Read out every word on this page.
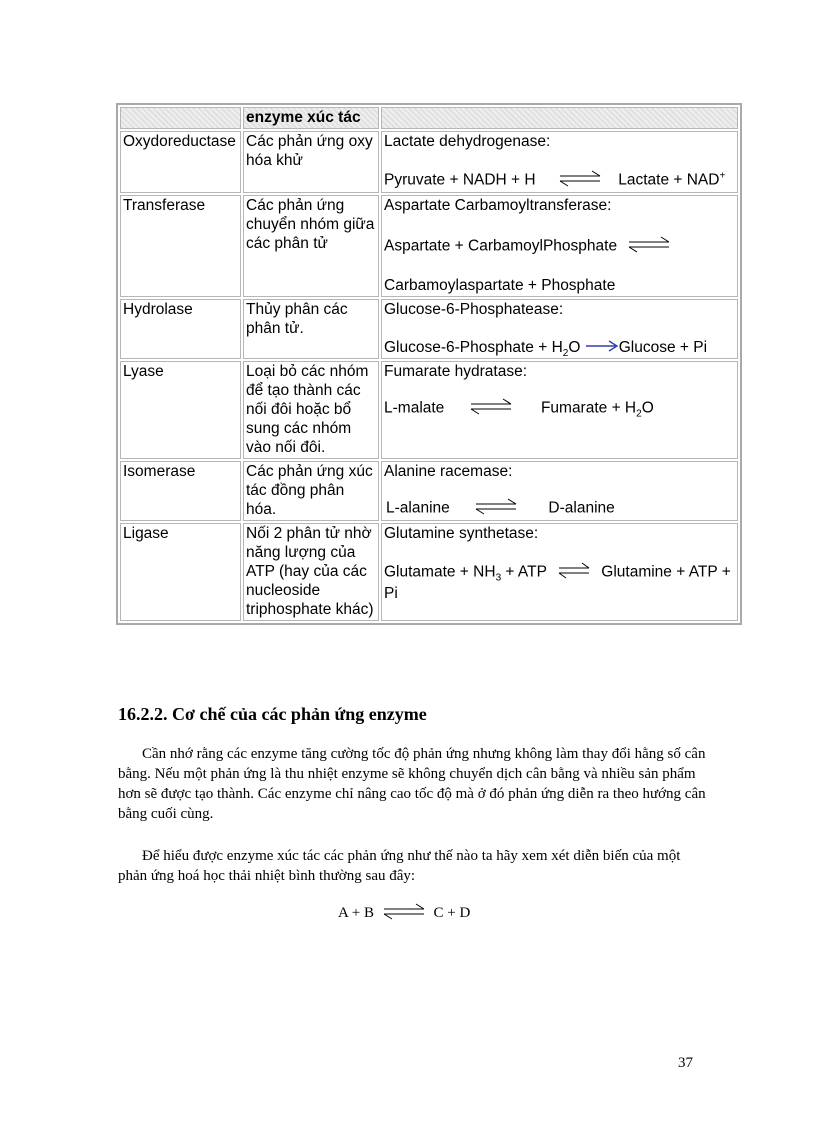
	enzyme xúc tác	
Oxydoreductase	Các phản ứng oxy hóa khử	Lactate dehydrogenase:
Pyruvate + NADH + H ⇌ Lactate + NAD+

Transferase	Các phản ứng chuyển nhóm giữa các phân tử	Aspartate Carbamoyltransferase:
Aspartate + CarbamoylPhosphate ⇌
Carbamoylaspartate + Phosphate

Hydrolase	Thủy phân các phân tử.	Glucose-6-Phosphatease:
Glucose-6-Phosphate + $H_2O$ Glucose + Pi

Lyase	Loại bỏ các nhóm để tạo thành các nối đôi hoặc bổ sung các nhóm vào nối đôi.	Fumarate hydratase:
L-malate Fumarate + $H_2O$

Isomerase	Các phản ứng xúc tác đồng phân hóa.	Alanine racemase:
L-alanine D-alanine

Ligase	Nối 2 phân tử nhờ năng lượng của ATP (hay của các nucleoside triphosphate khác)	Glutamine synthetase:
Glutamate + $NH_3$ + ATP ⇌ Glutamine + ATP + Pi
16.2.2. Cơ chế của các phản ứng enzyme
Cần nhớ rằng các enzyme tăng cường tốc độ phản ứng nhưng không làm thay đổi hằng số cân bằng. Nếu một phản ứng là thu nhiệt enzyme sẽ không chuyển dịch cân bằng và nhiều sản phẩm hơn sẽ được tạo thành. Các enzyme chỉ nâng cao tốc độ mà ở đó phản ứng diễn ra theo hướng cân bằng cuối cùng.
Để hiểu được enzyme xúc tác các phản ứng như thế nào ta hãy xem xét diễn biến của một phản ứng hoá học thải nhiệt bình thường sau đây:
A + B ⇌ C + D
37
